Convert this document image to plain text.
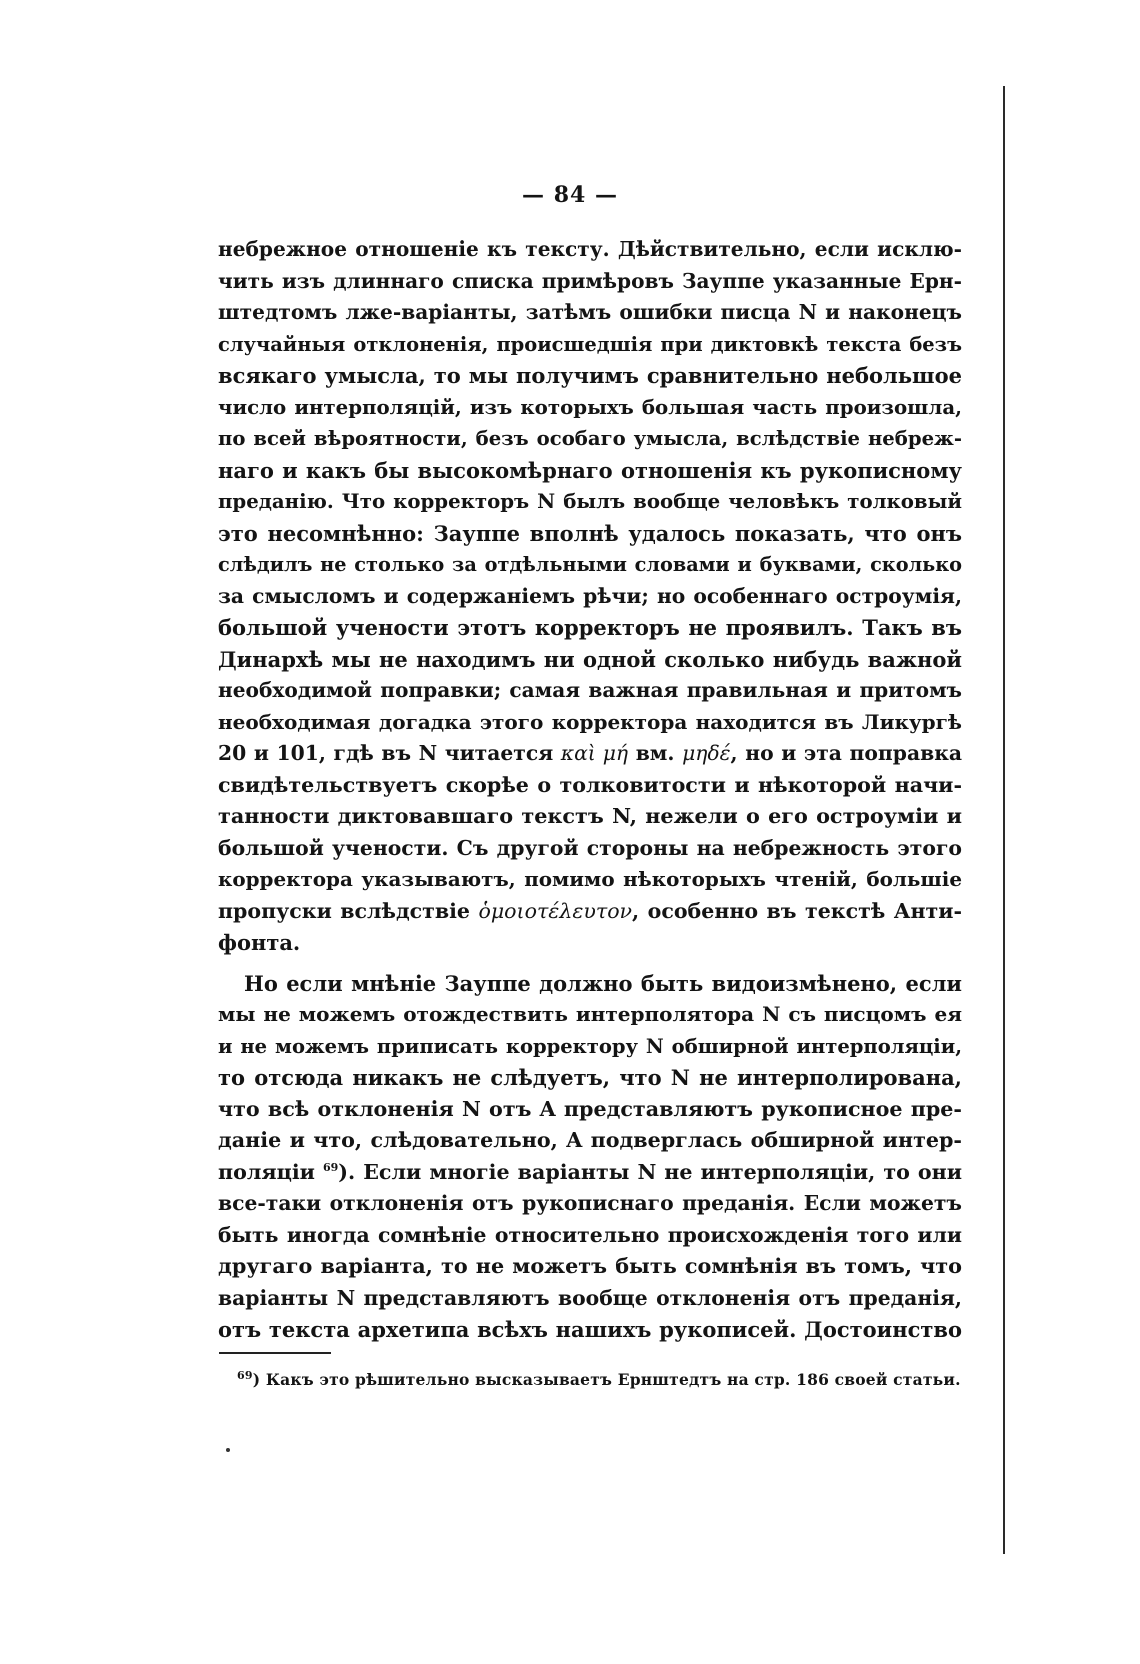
— 84 —
небрежное отношеніе къ тексту. Дѣйствительно, если исклю-
чить изъ длиннаго списка примѣровъ Зауппе указанные Ерн-
штедтомъ лже-варіанты, затѣмъ ошибки писца N и наконецъ
случайныя отклоненія, происшедшія при диктовкѣ текста безъ
всякаго умысла, то мы получимъ сравнительно небольшое
число интерполяцій, изъ которыхъ большая часть произошла,
по всей вѣроятности, безъ особаго умысла, вслѣдствіе небреж-
наго и какъ бы высокомѣрнаго отношенія къ рукописному
преданію. Что корректоръ N былъ вообще человѣкъ толковый
это несомнѣнно: Зауппе вполнѣ удалось показать, что онъ
слѣдилъ не столько за отдѣльными словами и буквами, сколько
за смысломъ и содержаніемъ рѣчи; но особеннаго остроумія,
большой учености этотъ корректоръ не проявилъ. Такъ въ
Динархѣ мы не находимъ ни одной сколько нибудь важной
необходимой поправки; самая важная правильная и притомъ
необходимая догадка этого корректора находится въ Ликургѣ
20 и 101, гдѣ въ N читается καὶ μή вм. μηδέ, но и эта поправка
свидѣтельствуетъ скорѣе о толковитости и нѣкоторой начи-
танности диктовавшаго текстъ N, нежели о его остроуміи и
большой учености. Съ другой стороны на небрежность этого
корректора указываютъ, помимо нѣкоторыхъ чтеній, большіе
пропуски вслѣдствіе ὁμοιοτέλευτον, особенно въ текстѣ Анти-
фонта.
Но если мнѣніе Зауппе должно быть видоизмѣнено, если
мы не можемъ отождествить интерполятора N съ писцомъ ея
и не можемъ приписать корректору N обширной интерполяціи,
то отсюда никакъ не слѣдуетъ, что N не интерполирована,
что всѣ отклоненія N отъ Α представляютъ рукописное пре-
даніе и что, слѣдовательно, Α подверглась обширной интер-
поляціи $^{69}$). Если многіе варіанты N не интерполяціи, то они
все-таки отклоненія отъ рукописнаго преданія. Если можетъ
быть иногда сомнѣніе относительно происхожденія того или
другаго варіанта, то не можетъ быть сомнѣнія въ томъ, что
варіанты N представляютъ вообще отклоненія отъ преданія,
отъ текста архетипа всѣхъ нашихъ рукописей. Достоинство
$^{69}$) Какъ это рѣшительно высказываетъ Ернштедтъ на стр. 186 своей статьи.
